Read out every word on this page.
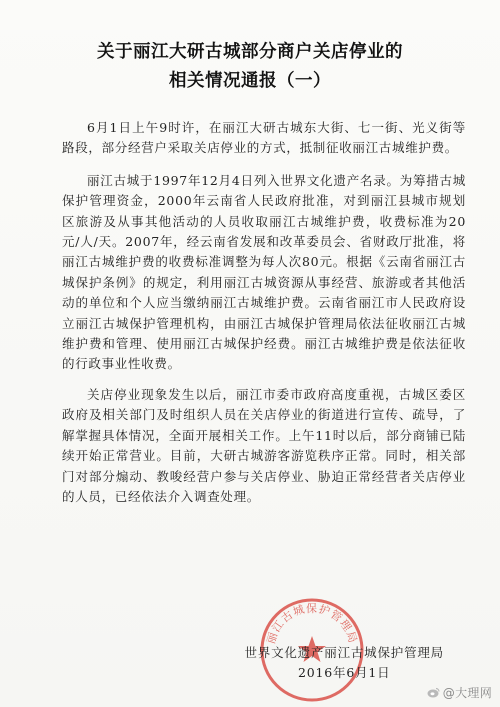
关于丽江大研古城部分商户关店停业的
相关情况通报（一）

6月1日上午9时许，在丽江大研古城东大街、七一街、光义街等路段，部分经营户采取关店停业的方式，抵制征收丽江古城维护费。

丽江古城于1997年12月4日列入世界文化遗产名录。为筹措古城保护管理资金，2000年云南省人民政府批准，对到丽江县城市规划区旅游及从事其他活动的人员收取丽江古城维护费，收费标准为20元/人/天。2007年，经云南省发展和改革委员会、省财政厅批准，将丽江古城维护费的收费标准调整为每人次80元。根据《云南省丽江古城保护条例》的规定，利用丽江古城资源从事经营、旅游或者其他活动的单位和个人应当缴纳丽江古城维护费。云南省丽江市人民政府设立丽江古城保护管理机构，由丽江古城保护管理局依法征收丽江古城维护费和管理、使用丽江古城保护经费。丽江古城维护费是依法征收的行政事业性收费。

关店停业现象发生以后，丽江市委市政府高度重视，古城区委区政府及相关部门及时组织人员在关店停业的街道进行宣传、疏导，了解掌握具体情况，全面开展相关工作。上午11时以后，部分商铺已陆续开始正常营业。目前，大研古城游客游览秩序正常。同时，相关部门对部分煽动、教唆经营户参与关店停业、胁迫正常经营者关店停业的人员，已经依法介入调查处理。

丽江古城保护管理局
世界文化遗产丽江古城保护管理局
2016年6月1日
@大理网
